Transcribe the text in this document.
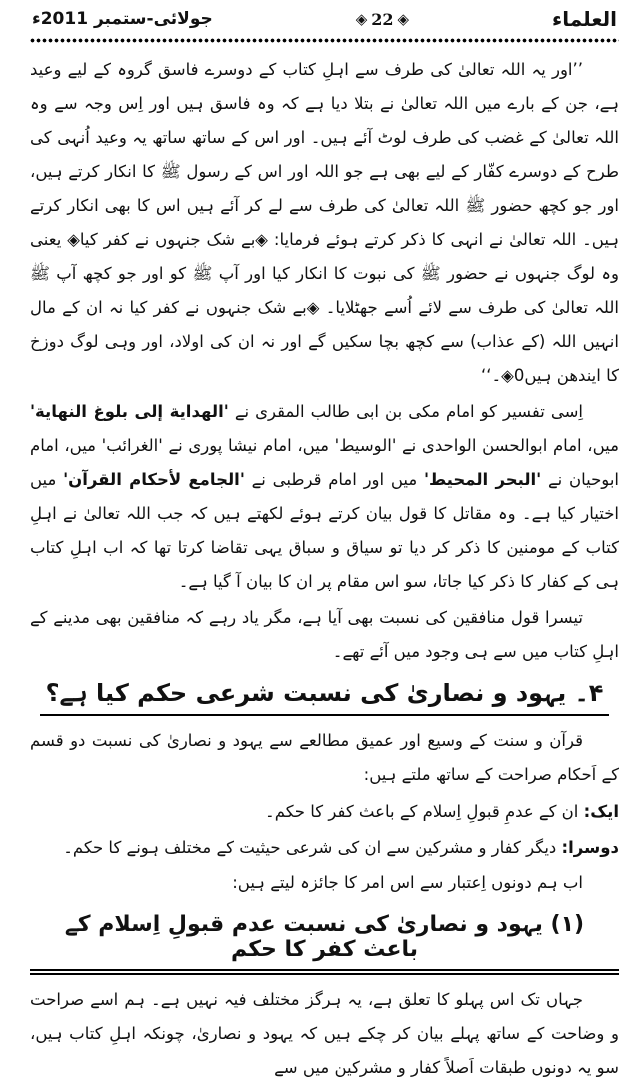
العلماء
◈
22
◈
جولائی-ستمبر 2011ء

’’اور یہ اللہ تعالیٰ کی طرف سے اہلِ کتاب کے دوسرے فاسق گروہ کے لیے وعید ہے، جن کے بارے میں اللہ تعالیٰ نے بتلا دیا ہے کہ وہ فاسق ہیں اور اِس وجہ سے وہ اللہ تعالیٰ کے غضب کی طرف لوٹ آئے ہیں۔ اور اس کے ساتھ ساتھ یہ وعید اُنہی کی طرح کے دوسرے کفّار کے لیے بھی ہے جو اللہ اور اس کے رسول ﷺ کا انکار کرتے ہیں، اور جو کچھ حضور ﷺ اللہ تعالیٰ کی طرف سے لے کر آئے ہیں اس کا بھی انکار کرتے ہیں۔ اللہ تعالیٰ نے انہی کا ذکر کرتے ہوئے فرمایا: ◈بے شک جنہوں نے کفر کیا◈ یعنی وہ لوگ جنہوں نے حضور ﷺ کی نبوت کا انکار کیا اور آپ ﷺ کو اور جو کچھ آپ ﷺ اللہ تعالیٰ کی طرف سے لائے اُسے جھٹلایا۔ ◈بے شک جنہوں نے کفر کیا نہ ان کے مال انہیں اللہ (کے عذاب) سے کچھ بچا سکیں گے اور نہ ان کی اولاد، اور وہی لوگ دوزخ کا ایندھن ہیں0◈۔‘‘

اِسی تفسیر کو امام مکی بن ابی طالب المقری نے 'الهداية إلى بلوغ النهاية' میں، امام ابوالحسن الواحدی نے 'الوسیط' میں، امام نیشا پوری نے 'الغرائب' میں، امام ابوحیان نے 'البحر المحیط' میں اور امام قرطبی نے 'الجامع لأحكام القرآن' میں اختیار کیا ہے۔ وہ مقاتل کا قول بیان کرتے ہوئے لکھتے ہیں کہ جب اللہ تعالیٰ نے اہلِ کتاب کے مومنین کا ذکر کر دیا تو سیاق و سباق یہی تقاضا کرتا تھا کہ اب اہلِ کتاب ہی کے کفار کا ذکر کیا جاتا، سو اس مقام پر ان کا بیان آ گیا ہے۔

تیسرا قول منافقین کی نسبت بھی آیا ہے، مگر یاد رہے کہ منافقین بھی مدینے کے اہلِ کتاب میں سے ہی وجود میں آئے تھے۔

۴۔ یہود و نصاریٰ کی نسبت شرعی حکم کیا ہے؟

قرآن و سنت کے وسیع اور عمیق مطالعے سے یہود و نصاریٰ کی نسبت دو قسم کے اَحکام صراحت کے ساتھ ملتے ہیں:

ایک: ان کے عدمِ قبولِ اِسلام کے باعث کفر کا حکم۔
دوسرا: دیگر کفار و مشرکین سے ان کی شرعی حیثیت کے مختلف ہونے کا حکم۔

اب ہم دونوں اِعتبار سے اس امر کا جائزہ لیتے ہیں:

(۱) یہود و نصاریٰ کی نسبت عدم قبولِ اِسلام کے باعث کفر کا حکم

جہاں تک اس پہلو کا تعلق ہے، یہ ہرگز مختلف فیہ نہیں ہے۔ ہم اسے صراحت و وضاحت کے ساتھ پہلے بیان کر چکے ہیں کہ یہود و نصاریٰ، چونکہ اہلِ کتاب ہیں، سو یہ دونوں طبقات اَصلاً کفار و مشرکین میں سے
